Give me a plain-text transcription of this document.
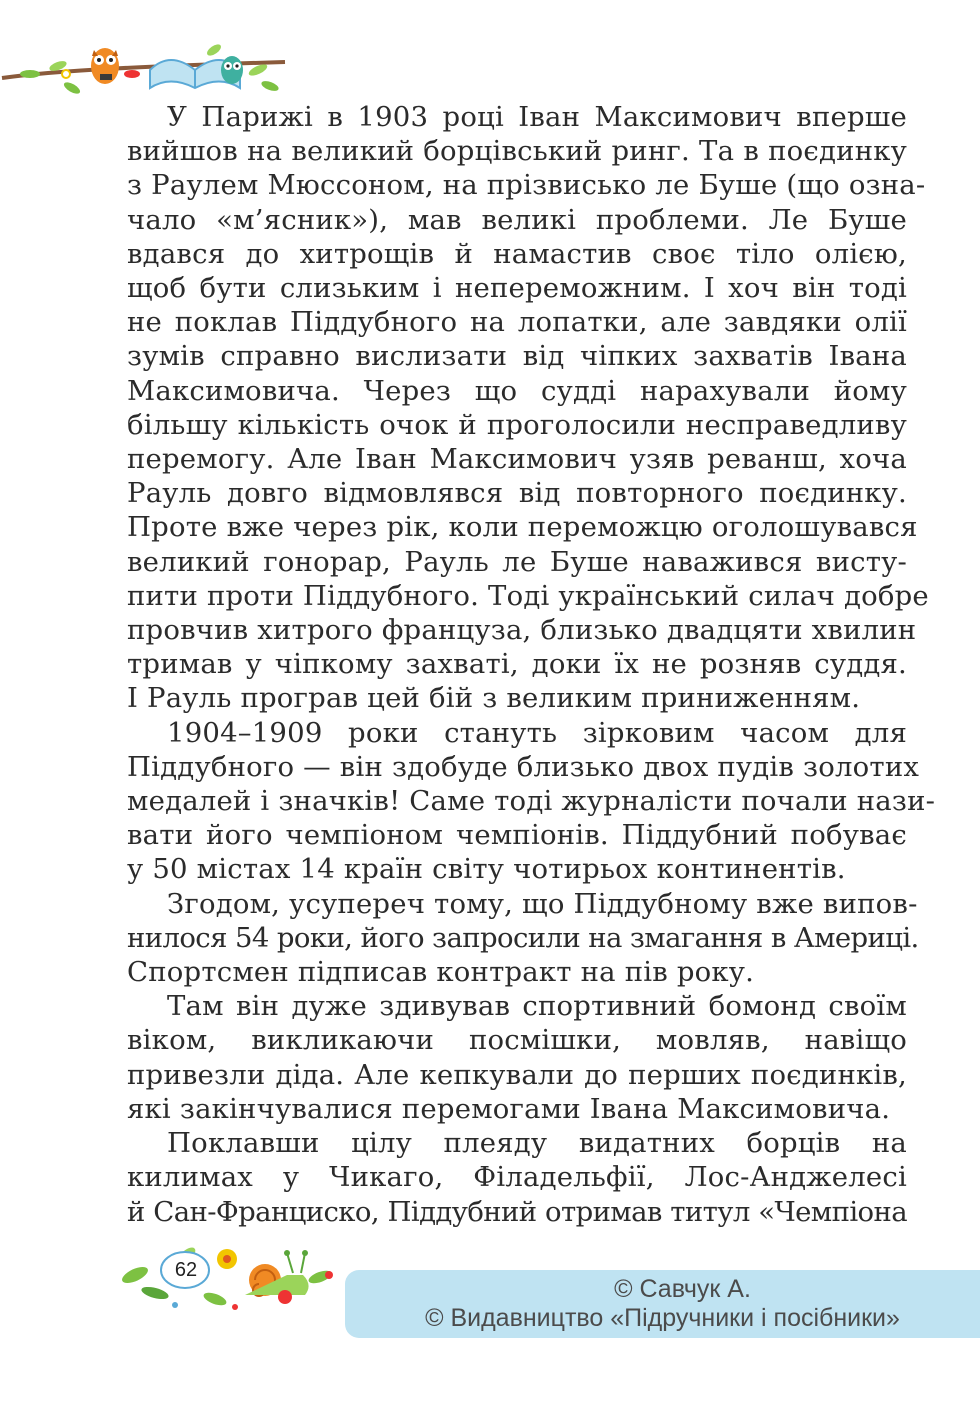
У Парижі в 1903 році Іван Максимович вперше
вийшов на великий борцівський ринг. Та в поєдинку
з Раулем Мюссоном, на прізвисько ле Буше (що озна-
чало «м’ясник»), мав великі проблеми. Ле Буше
вдався до хитрощів й намастив своє тіло олією,
щоб бути слизьким і непереможним. І хоч він тоді
не поклав Піддубного на лопатки, але завдяки олії
зумів справно вислизати від чіпких захватів Івана
Максимовича. Через що судді нарахували йому
більшу кількість очок й проголосили несправедливу
перемогу. Але Іван Максимович узяв реванш, хоча
Рауль довго відмовлявся від повторного поєдинку.
Проте вже через рік, коли переможцю оголошувався
великий гонорар, Рауль ле Буше наважився висту-
пити проти Піддубного. Тоді український силач добре
провчив хитрого француза, близько двадцяти хвилин
тримав у чіпкому захваті, доки їх не розняв суддя.
І Рауль програв цей бій з великим приниженням.

1904–1909 роки стануть зірковим часом для
Піддубного — він здобуде близько двох пудів золотих
медалей і значків! Саме тоді журналісти почали нази-
вати його чемпіоном чемпіонів. Піддубний побуває
у 50 містах 14 країн світу чотирьох континентів.

Згодом, усупереч тому, що Піддубному вже випов-
нилося 54 роки, його запросили на змагання в Америці.
Спортсмен підписав контракт на пів року.

Там він дуже здивував спортивний бомонд своїм
віком, викликаючи посмішки, мовляв, навіщо
привезли діда. Але кепкували до перших поєдинків,
які закінчувалися перемогами Івана Максимовича.

Поклавши цілу плеяду видатних борців на
килимах у Чикаго, Філадельфії, Лос-Анджелесі
й Сан-Франциско, Піддубний отримав титул «Чемпіона

62
© Савчук А.
© Видавництво «Підручники і посібники»
